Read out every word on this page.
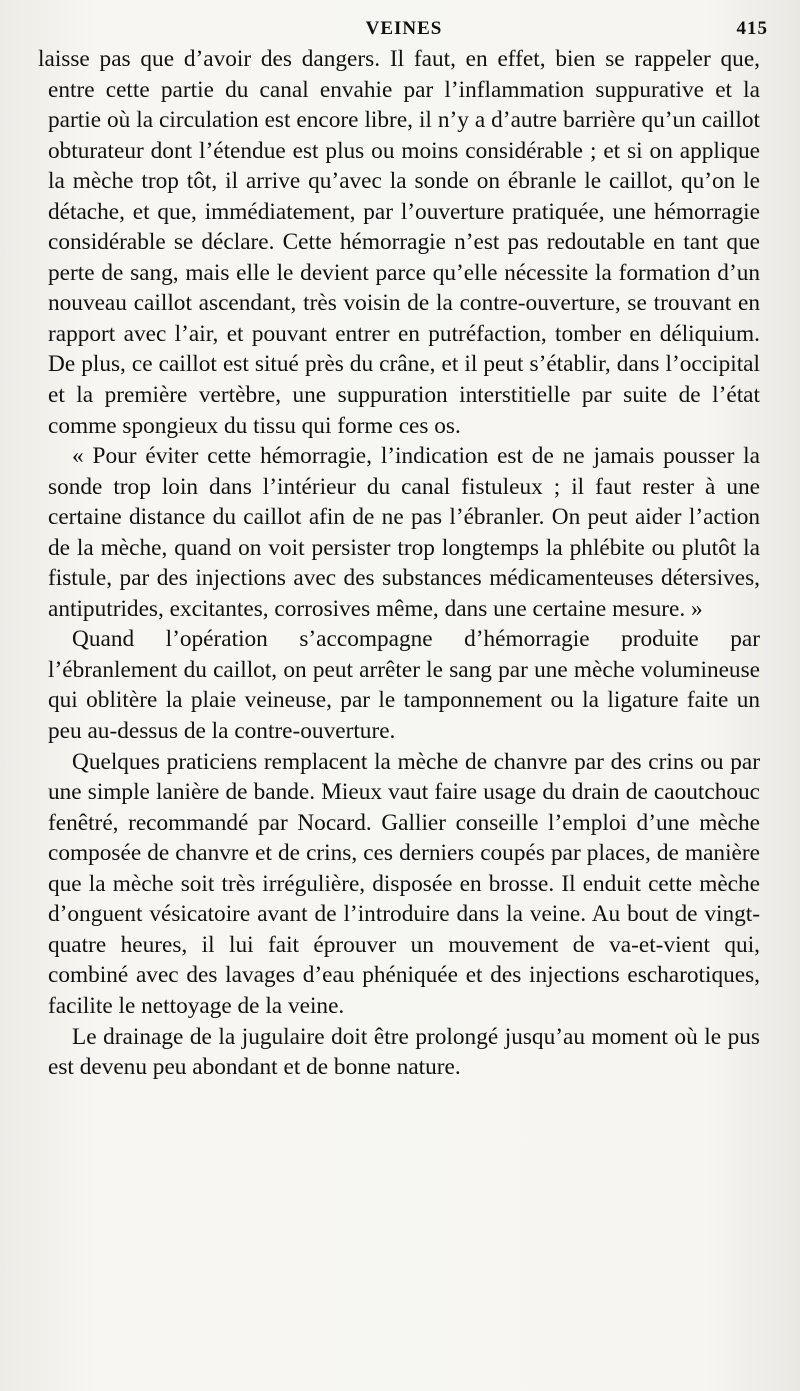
VEINES	415

laisse pas que d’avoir des dangers. Il faut, en effet, bien se rappeler que, entre cette partie du canal envahie par l’inflammation suppurative et la partie où la circulation est encore libre, il n’y a d’autre barrière qu’un caillot obturateur dont l’étendue est plus ou moins considérable ; et si on applique la mèche trop tôt, il arrive qu’avec la sonde on ébranle le caillot, qu’on le détache, et que, immédiatement, par l’ouverture pratiquée, une hémorragie considérable se déclare. Cette hémorragie n’est pas redoutable en tant que perte de sang, mais elle le devient parce qu’elle nécessite la formation d’un nouveau caillot ascendant, très voisin de la contre-ouverture, se trouvant en rapport avec l’air, et pouvant entrer en putréfaction, tomber en déliquium. De plus, ce caillot est situé près du crâne, et il peut s’établir, dans l’occipital et la première vertèbre, une suppuration interstitielle par suite de l’état comme spongieux du tissu qui forme ces os.

« Pour éviter cette hémorragie, l’indication est de ne jamais pousser la sonde trop loin dans l’intérieur du canal fistuleux ; il faut rester à une certaine distance du caillot afin de ne pas l’ébranler. On peut aider l’action de la mèche, quand on voit persister trop longtemps la phlébite ou plutôt la fistule, par des injections avec des substances médicamenteuses détersives, antiputrides, excitantes, corrosives même, dans une certaine mesure. »

Quand l’opération s’accompagne d’hémorragie produite par l’ébranlement du caillot, on peut arrêter le sang par une mèche volumineuse qui oblitère la plaie veineuse, par le tamponnement ou la ligature faite un peu au-dessus de la contre-ouverture.

Quelques praticiens remplacent la mèche de chanvre par des crins ou par une simple lanière de bande. Mieux vaut faire usage du drain de caoutchouc fenêtré, recommandé par Nocard. Gallier conseille l’emploi d’une mèche composée de chanvre et de crins, ces derniers coupés par places, de manière que la mèche soit très irrégulière, disposée en brosse. Il enduit cette mèche d’onguent vésicatoire avant de l’introduire dans la veine. Au bout de vingt-quatre heures, il lui fait éprouver un mouvement de va-et-vient qui, combiné avec des lavages d’eau phéniquée et des injections escharotiques, facilite le nettoyage de la veine.

Le drainage de la jugulaire doit être prolongé jusqu’au moment où le pus est devenu peu abondant et de bonne nature.
